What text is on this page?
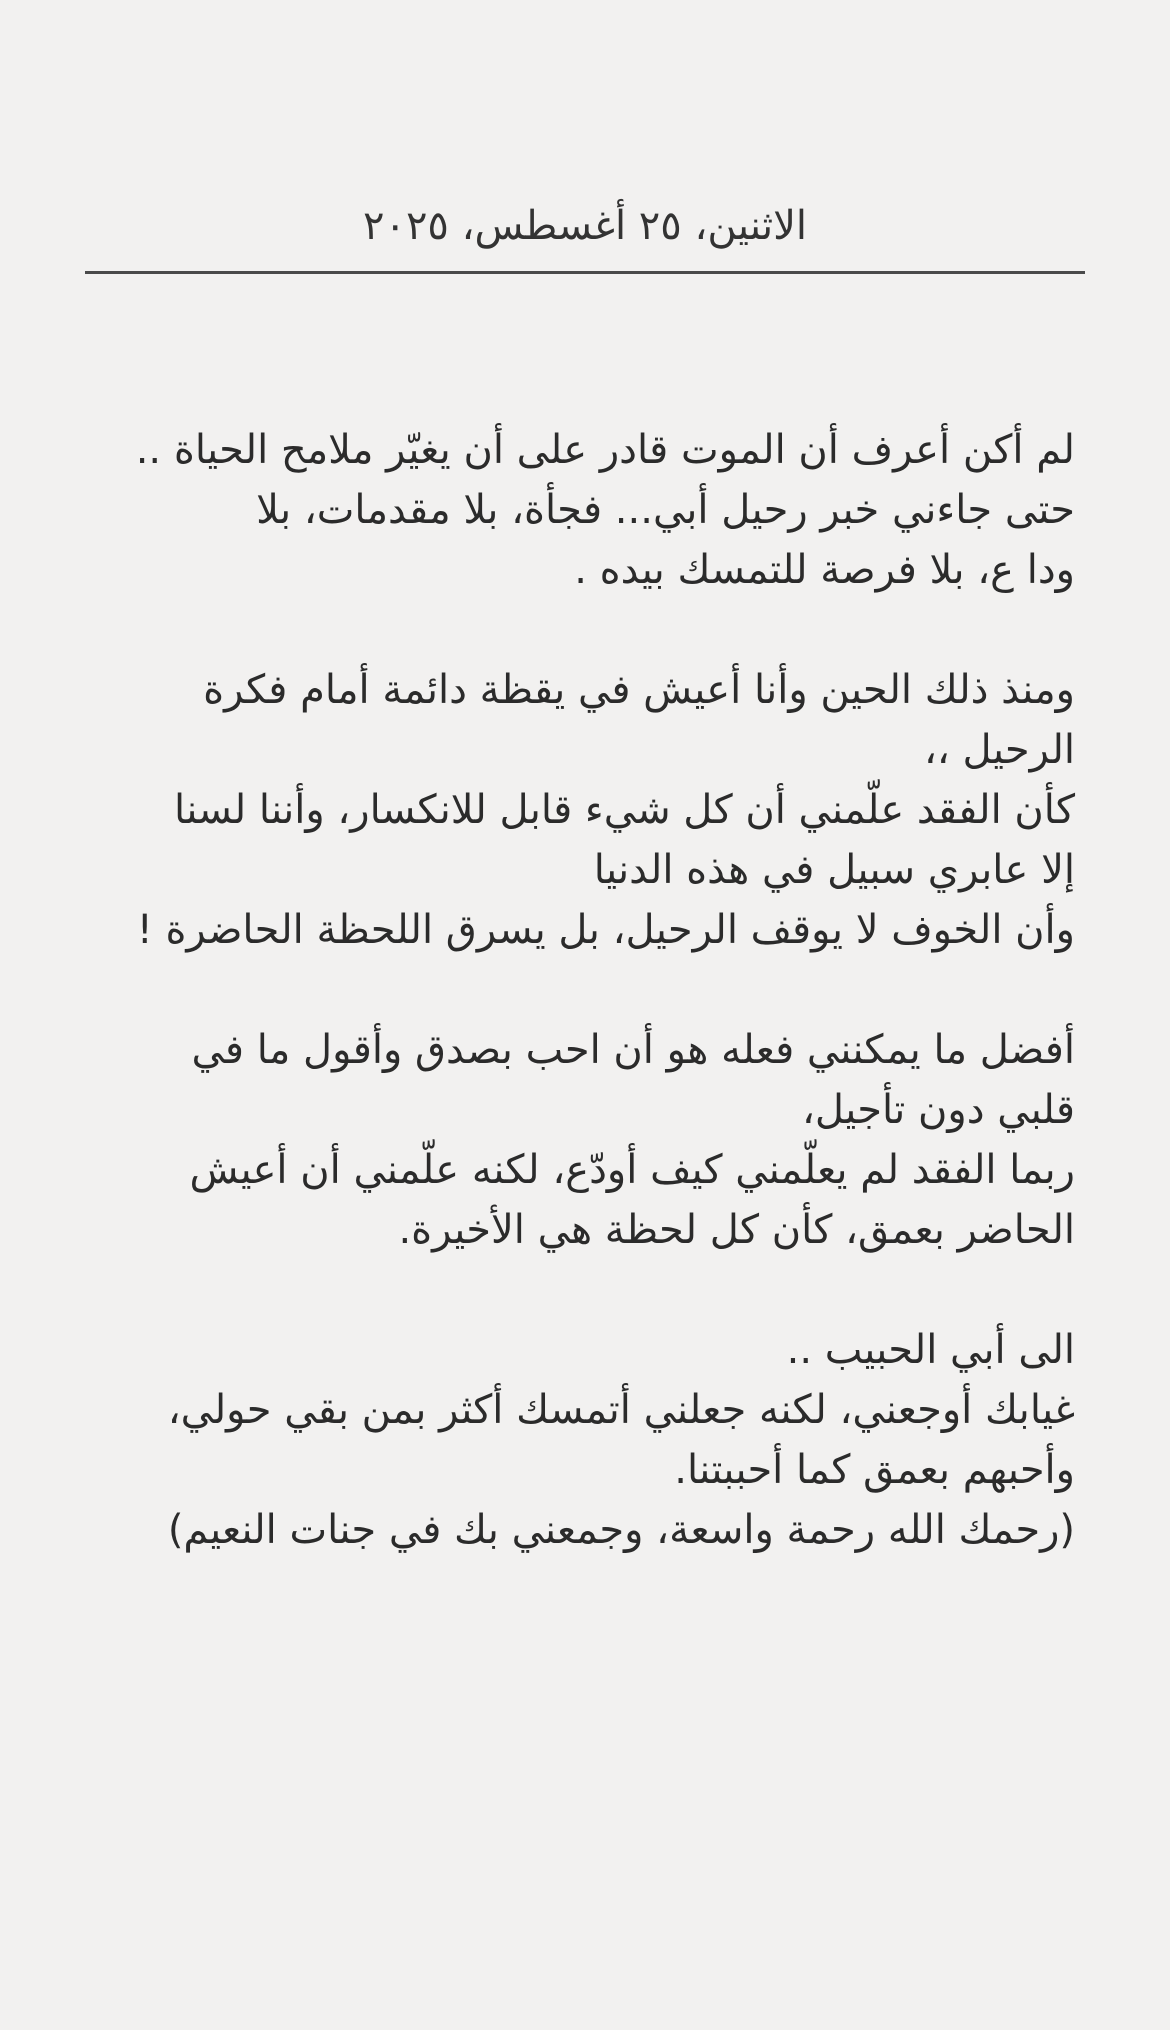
الاثنين، ٢٥ أغسطس، ٢٠٢٥
لم أكن أعرف أن الموت قادر على أن يغيّر ملامح الحياة ..
حتى جاءني خبر رحيل أبي... فجأة، بلا مقدمات، بلا
ودا ع، بلا فرصة للتمسك بيده .
ومنذ ذلك الحين وأنا أعيش في يقظة دائمة أمام فكرة
الرحيل ،،
كأن الفقد علّمني أن كل شيء قابل للانكسار، وأننا لسنا
إلا عابري سبيل في هذه الدنيا
وأن الخوف لا يوقف الرحيل، بل يسرق اللحظة الحاضرة !
أفضل ما يمكنني فعله هو أن احب بصدق وأقول ما في
قلبي دون تأجيل،
ربما الفقد لم يعلّمني كيف أودّع، لكنه علّمني أن أعيش
الحاضر بعمق، كأن كل لحظة هي الأخيرة.
الى أبي الحبيب ..
غيابك أوجعني، لكنه جعلني أتمسك أكثر بمن بقي حولي،
وأحبهم بعمق كما أحببتنا.
(رحمك الله رحمة واسعة، وجمعني بك في جنات النعيم)
